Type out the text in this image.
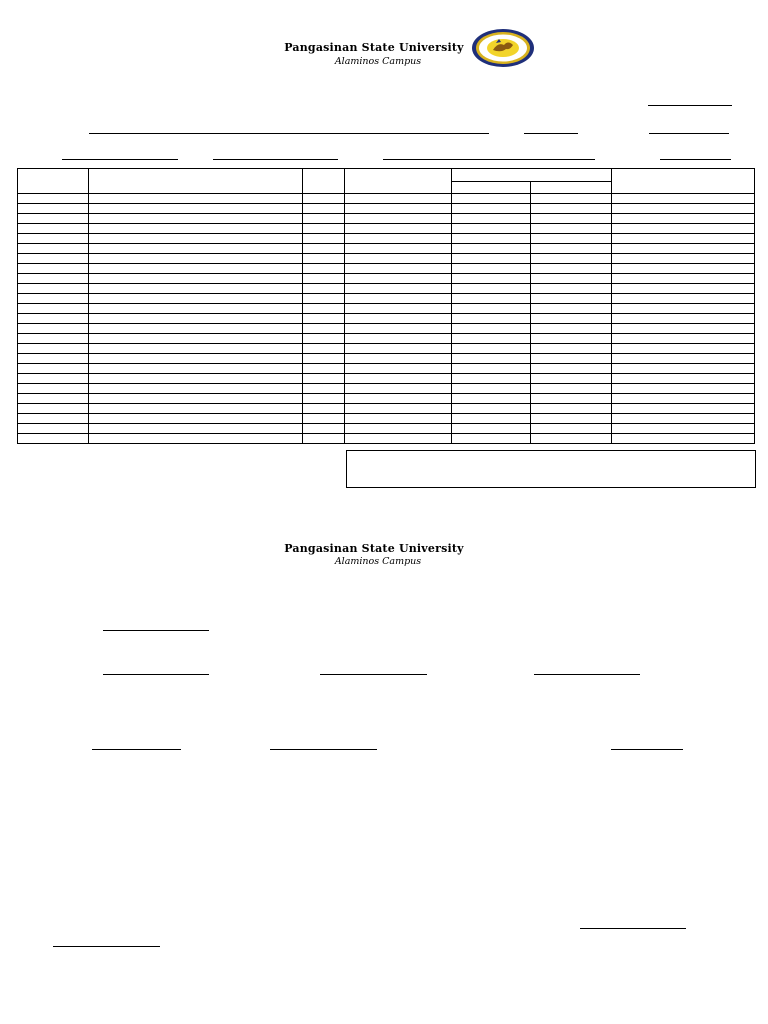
Pangasinan State University
Alaminos Campus

Pangasinan State University
Alaminos Campus
